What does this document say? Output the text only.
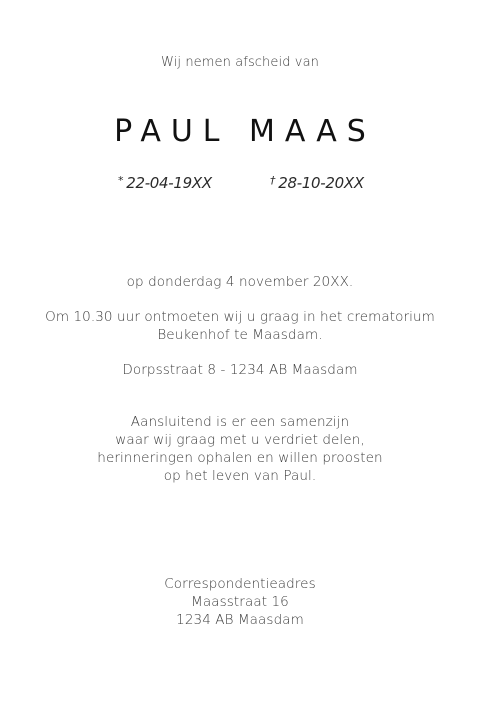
Wij nemen afscheid van
PAUL MAAS
* 22-04-19XX	† 28-10-20XX
op donderdag 4 november 20XX.
Om 10.30 uur ontmoeten wij u graag in het crematorium
Beukenhof te Maasdam.
Dorpsstraat 8 - 1234 AB Maasdam
Aansluitend is er een samenzijn
waar wij graag met u verdriet delen,
herinneringen ophalen en willen proosten
op het leven van Paul.
Correspondentieadres
Maasstraat 16
1234 AB Maasdam
